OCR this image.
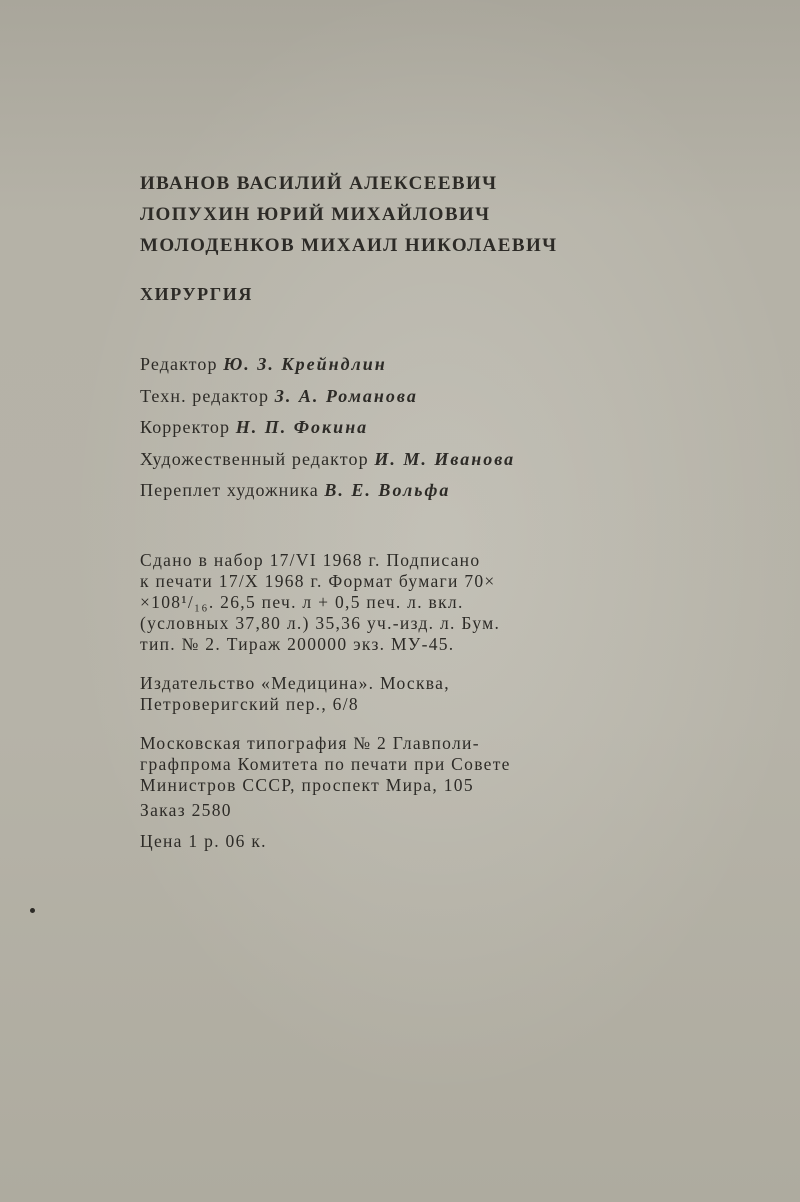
ИВАНОВ ВАСИЛИЙ АЛЕКСЕЕВИЧ
ЛОПУХИН ЮРИЙ МИХАЙЛОВИЧ
МОЛОДЕНКОВ МИХАИЛ НИКОЛАЕВИЧ
ХИРУРГИЯ
Редактор Ю. З. Крейндлин
Техн. редактор З. А. Романова
Корректор Н. П. Фокина
Художественный редактор И. М. Иванова
Переплет художника В. Е. Вольфа
Сдано в набор 17/VI 1968 г. Подписано
к печати 17/X 1968 г. Формат бумаги 70×
×108¹/₁₆. 26,5 печ. л + 0,5 печ. л. вкл.
(условных 37,80 л.) 35,36 уч.-изд. л. Бум.
тип. № 2. Тираж 200000 экз. МУ-45.
Издательство «Медицина». Москва,
Петроверигский пер., 6/8
Московская типография № 2 Главполи-
графпрома Комитета по печати при Совете
Министров СССР, проспект Мира, 105
Заказ 2580
Цена 1 р. 06 к.
